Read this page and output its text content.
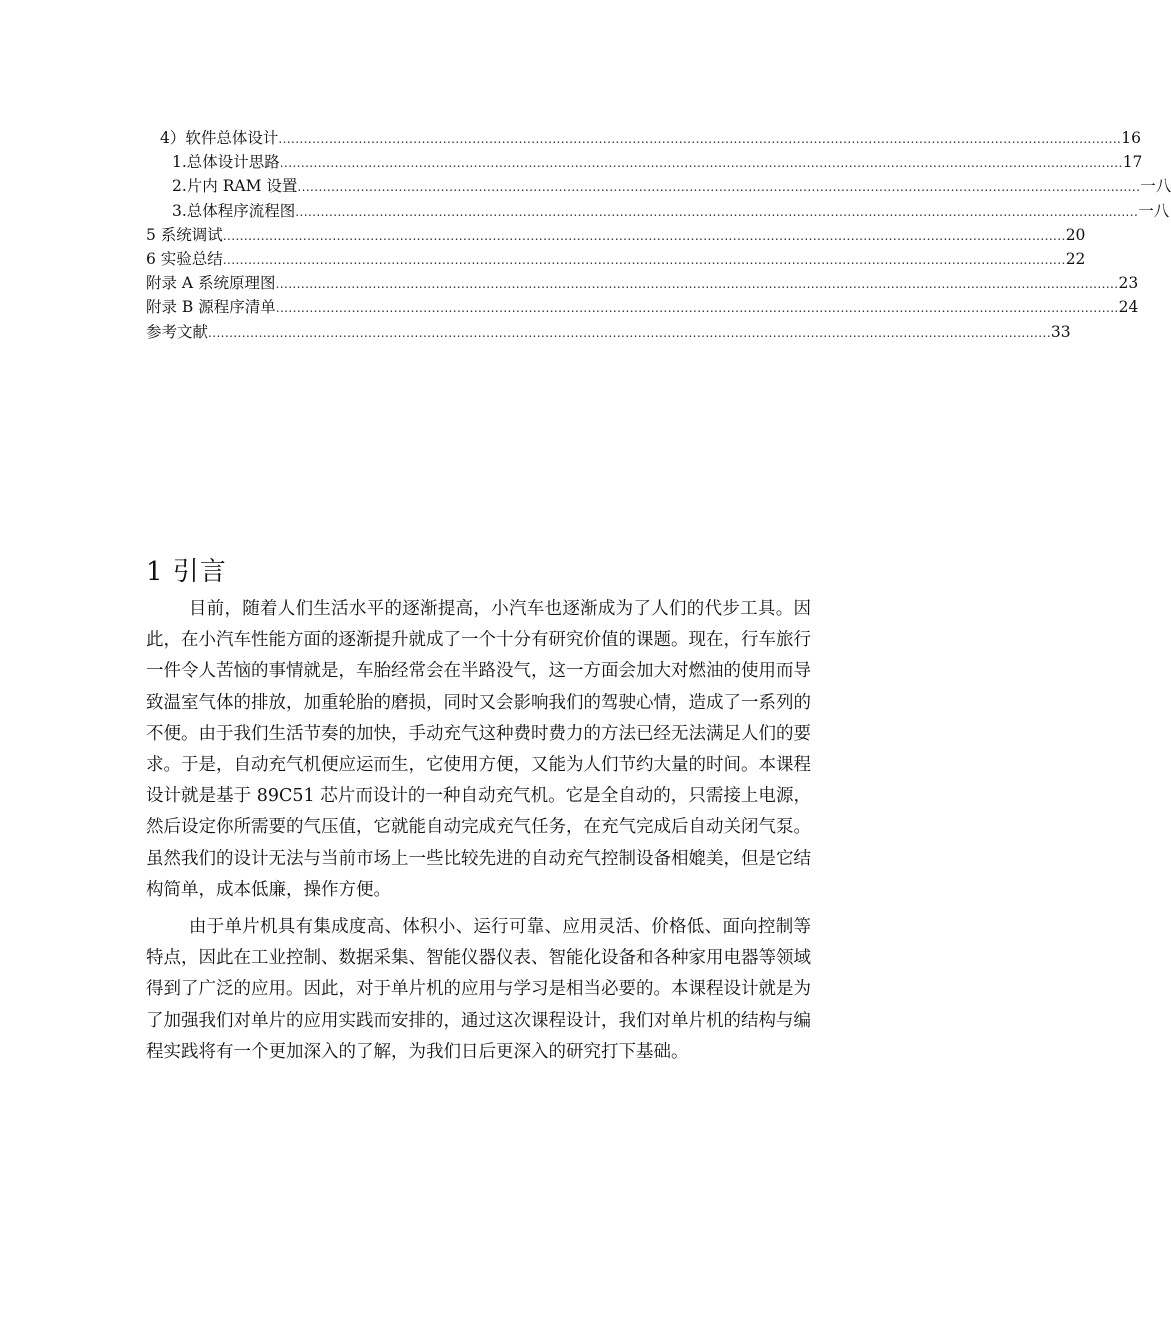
4）软件总体设计 ........................................................................................................................................................................................................ 16
1.总体设计思路 ........................................................................................................................................................................................................ 17
2.片内 RAM 设置 ........................................................................................................................................................................................................ 一八
3.总体程序流程图 ........................................................................................................................................................................................................ 一八
5 系统调试 ........................................................................................................................................................................................................ 20
6 实验总结 ........................................................................................................................................................................................................ 22
附录 A 系统原理图 ........................................................................................................................................................................................................ 23
附录 B 源程序清单 ........................................................................................................................................................................................................ 24
参考文献 ........................................................................................................................................................................................................ 33
1 引言

目前，随着人们生活水平的逐渐提高，小汽车也逐渐成为了人们的代步工具。因此，在小汽车性能方面的逐渐提升就成了一个十分有研究价值的课题。现在，行车旅行一件令人苦恼的事情就是，车胎经常会在半路没气，这一方面会加大对燃油的使用而导致温室气体的排放，加重轮胎的磨损，同时又会影响我们的驾驶心情，造成了一系列的不便。由于我们生活节奏的加快，手动充气这种费时费力的方法已经无法满足人们的要求。于是，自动充气机便应运而生，它使用方便，又能为人们节约大量的时间。本课程设计就是基于 89C51 芯片而设计的一种自动充气机。它是全自动的，只需接上电源，然后设定你所需要的气压值，它就能自动完成充气任务，在充气完成后自动关闭气泵。虽然我们的设计无法与当前市场上一些比较先进的自动充气控制设备相媲美，但是它结构简单，成本低廉，操作方便。

由于单片机具有集成度高、体积小、运行可靠、应用灵活、价格低、面向控制等特点，因此在工业控制、数据采集、智能仪器仪表、智能化设备和各种家用电器等领域得到了广泛的应用。因此，对于单片机的应用与学习是相当必要的。本课程设计就是为了加强我们对单片的应用实践而安排的，通过这次课程设计，我们对单片机的结构与编程实践将有一个更加深入的了解，为我们日后更深入的研究打下基础。
